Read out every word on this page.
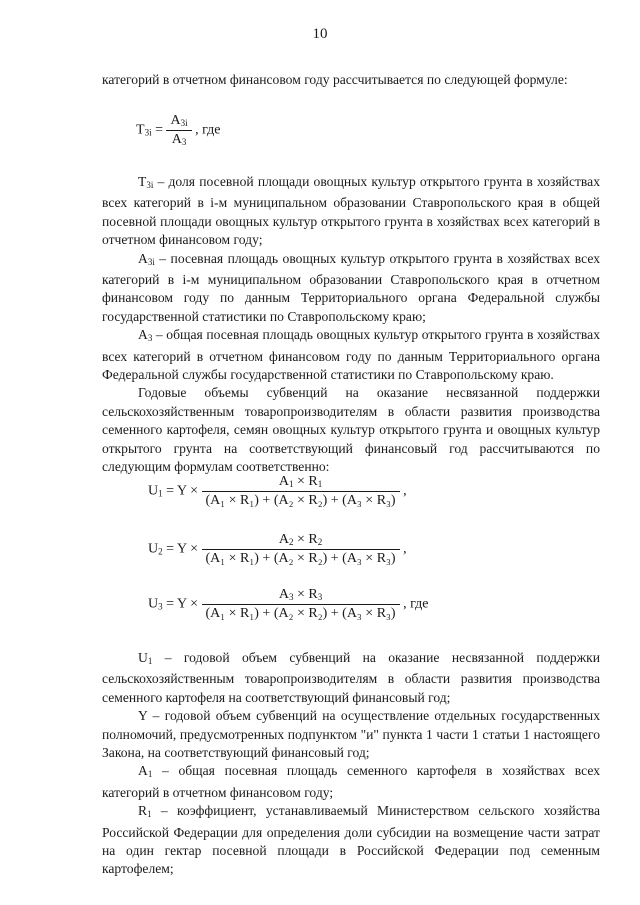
10

категорий в отчетном финансовом году рассчитывается по следующей формуле:

$T_{3i} = \frac{A_{3i}}{A_3}$ , где

$T_{3i}$ – доля посевной площади овощных культур открытого грунта в хозяйствах всех категорий в i-м муниципальном образовании Ставропольского края в общей посевной площади овощных культур открытого грунта в хозяйствах всех категорий в отчетном финансовом году;

$A_{3i}$ – посевная площадь овощных культур открытого грунта в хозяйствах всех категорий в i-м муниципальном образовании Ставропольского края в отчетном финансовом году по данным Территориального органа Федеральной службы государственной статистики по Ставропольскому краю;

$A_3$ – общая посевная площадь овощных культур открытого грунта в хозяйствах всех категорий в отчетном финансовом году по данным Территориального органа Федеральной службы государственной статистики по Ставропольскому краю.

Годовые объемы субвенций на оказание несвязанной поддержки сельскохозяйственным товаропроизводителям в области развития производства семенного картофеля, семян овощных культур открытого грунта и овощных культур открытого грунта на соответствующий финансовый год рассчитываются по следующим формулам соответственно:

$U_1 = Y \times \frac{A_1 \times R_1}{\text{(A₁ × R₁) + (A₂ × R₂) + (A₃ × R₃)}}$ ,
$U_2 = Y \times \frac{A_2 \times R_2}{\text{(A₁ × R₁) + (A₂ × R₂) + (A₃ × R₃)}}$ ,
$U_3 = Y \times \frac{A_3 \times R_3}{\text{(A₁ × R₁) + (A₂ × R₂) + (A₃ × R₃)}}$ , где

$U_1$ – годовой объем субвенций на оказание несвязанной поддержки сельскохозяйственным товаропроизводителям в области развития производства семенного картофеля на соответствующий финансовый год;

Y – годовой объем субвенций на осуществление отдельных государственных полномочий, предусмотренных подпунктом "и" пункта 1 части 1 статьи 1 настоящего Закона, на соответствующий финансовый год;

$A_1$ – общая посевная площадь семенного картофеля в хозяйствах всех категорий в отчетном финансовом году;

$R_1$ – коэффициент, устанавливаемый Министерством сельского хозяйства Российской Федерации для определения доли субсидии на возмещение части затрат на один гектар посевной площади в Российской Федерации под семенным картофелем;
